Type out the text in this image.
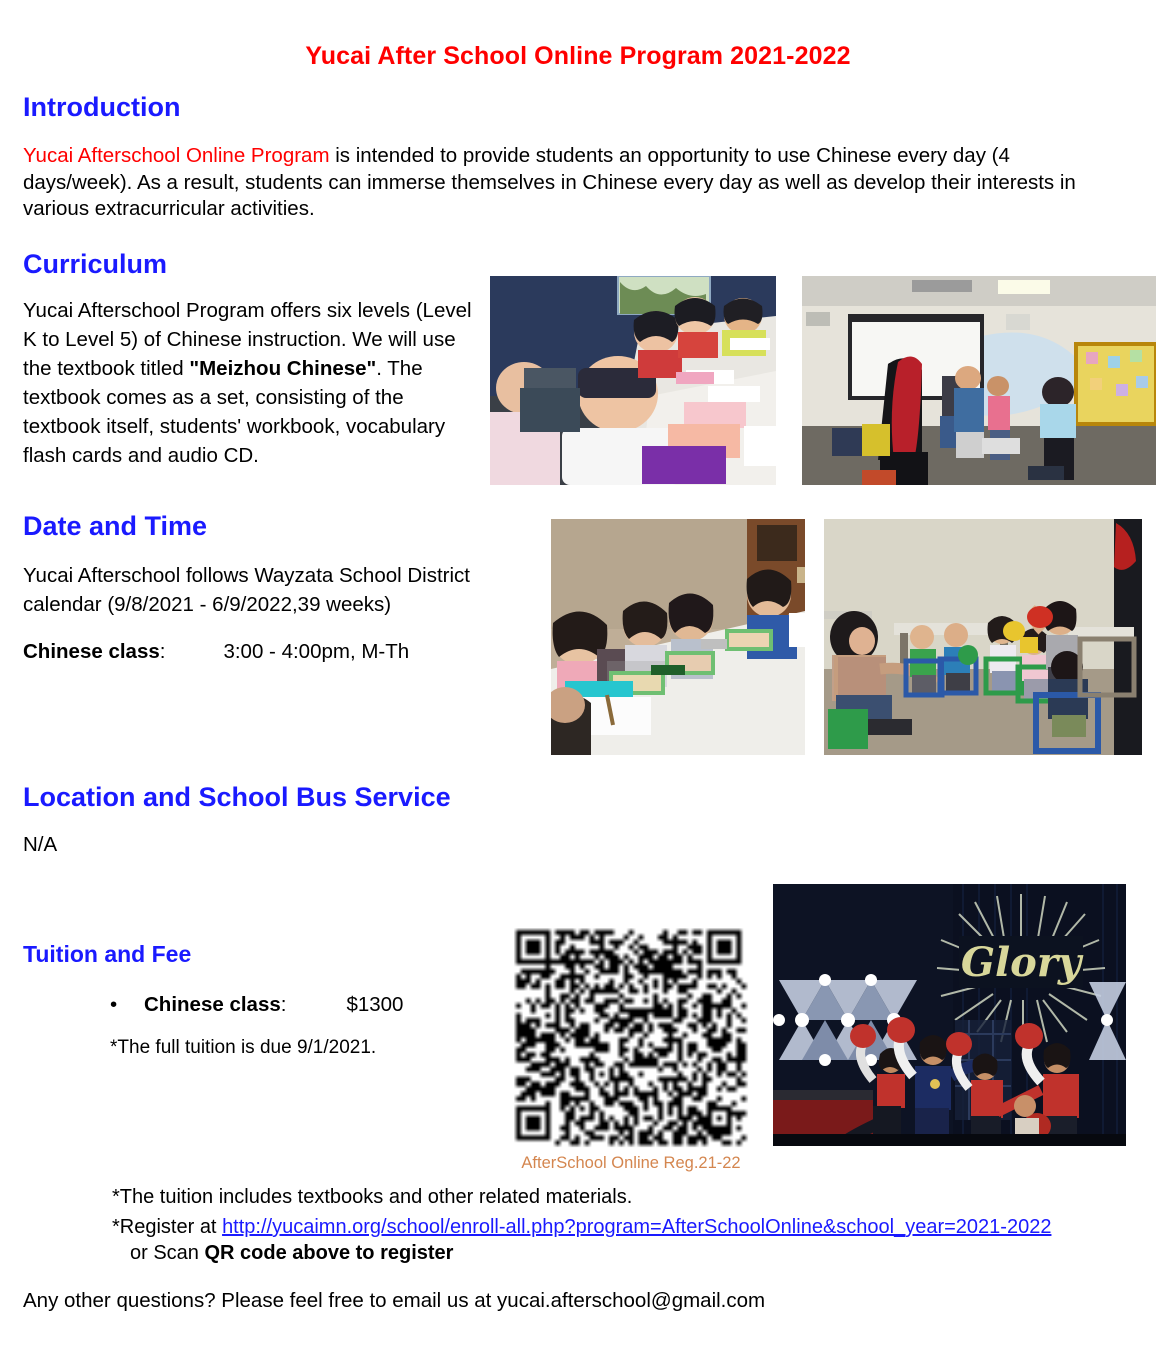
Yucai After School Online Program 2021-2022
Introduction
Yucai Afterschool Online Program is intended to provide students an opportunity to use Chinese every day (4 days/week). As a result, students can immerse themselves in Chinese every day as well as develop their interests in various extracurricular activities.
Curriculum
Yucai Afterschool Program offers six levels (Level K to Level 5) of Chinese instruction. We will use the textbook titled "Meizhou Chinese". The textbook comes as a set, consisting of the textbook itself, students' workbook, vocabulary flash cards and audio CD.
Date and Time
Yucai Afterschool follows Wayzata School District calendar (9/8/2021 - 6/9/2022,39 weeks)
Chinese class:	3:00 - 4:00pm, M-Th
Location and School Bus Service
N/A
Tuition and Fee
• Chinese class:	$1300
*The full tuition is due 9/1/2021.
AfterSchool Online Reg.21-22
Glory
*The tuition includes textbooks and other related materials.
*Register at http://yucaimn.org/school/enroll-all.php?program=AfterSchoolOnline&school_year=2021-2022
or Scan QR code above to register
Any other questions? Please feel free to email us at yucai.afterschool@gmail.com
